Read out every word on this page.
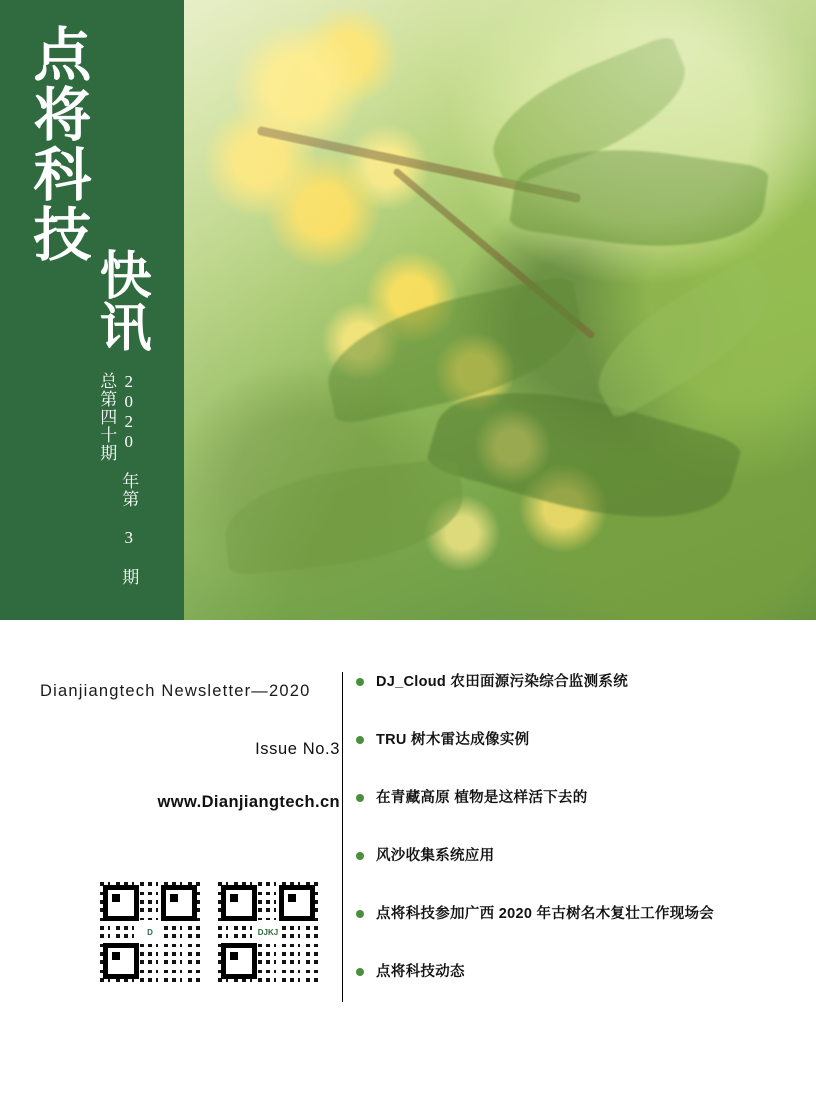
点将科技
快讯
2020 年第 3 期
总第四十期
Dianjiangtech Newsletter—2020
Issue No.3
www.Dianjiangtech.cn
D	DJKJ
DJ_Cloud 农田面源污染综合监测系统
TRU 树木雷达成像实例
在青藏高原 植物是这样活下去的
风沙收集系统应用
点将科技参加广西 2020 年古树名木复壮工作现场会
点将科技动态
